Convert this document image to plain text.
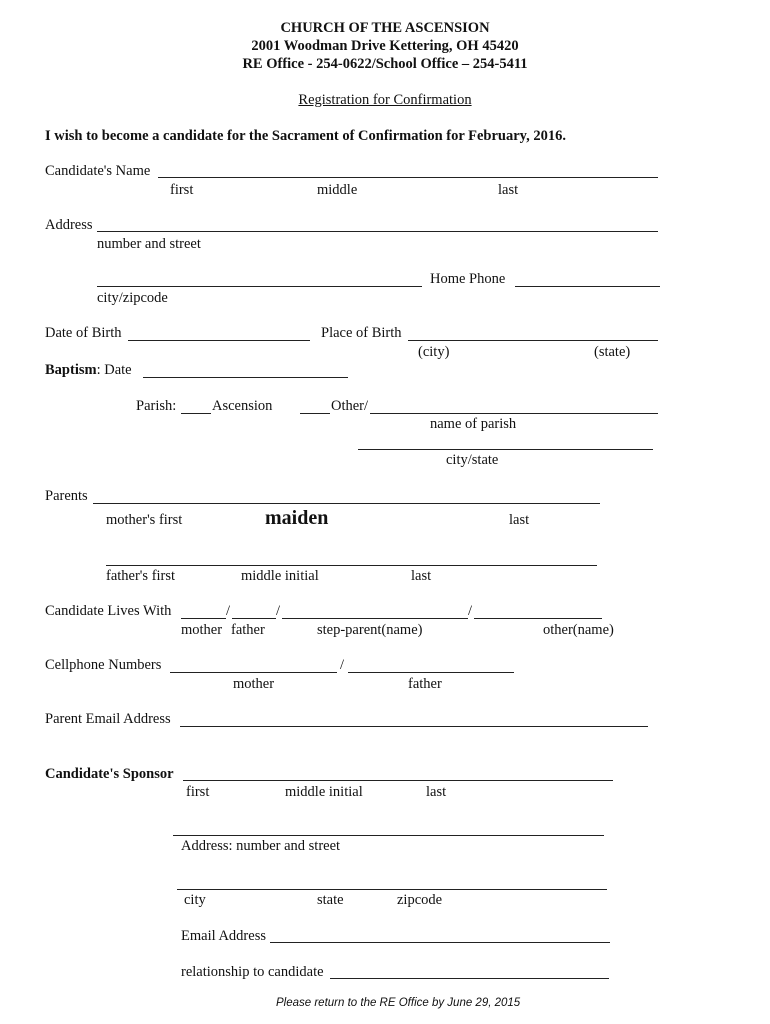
CHURCH OF THE ASCENSION
2001 Woodman Drive Kettering, OH 45420
RE Office - 254-0622/School Office – 254-5411
Registration for Confirmation
I wish to become a candidate for the Sacrament of Confirmation for February, 2016.
Candidate's Name
first	middle	last
Address
number and street
Home Phone
city/zipcode
Date of Birth	Place of Birth
(city)	(state)
Baptism: Date
Parish: Ascension	Other/
name of parish
city/state
Parents
mother's first	maiden	last
father's first	middle initial	last
Candidate Lives With	/	/	/
mother father	step-parent(name)	other(name)
Cellphone Numbers	/
mother	father
Parent Email Address
Candidate's Sponsor
first	middle initial	last
Address: number and street
city	state	zipcode
Email Address
relationship to candidate
Please return to the RE Office by June 29, 2015
